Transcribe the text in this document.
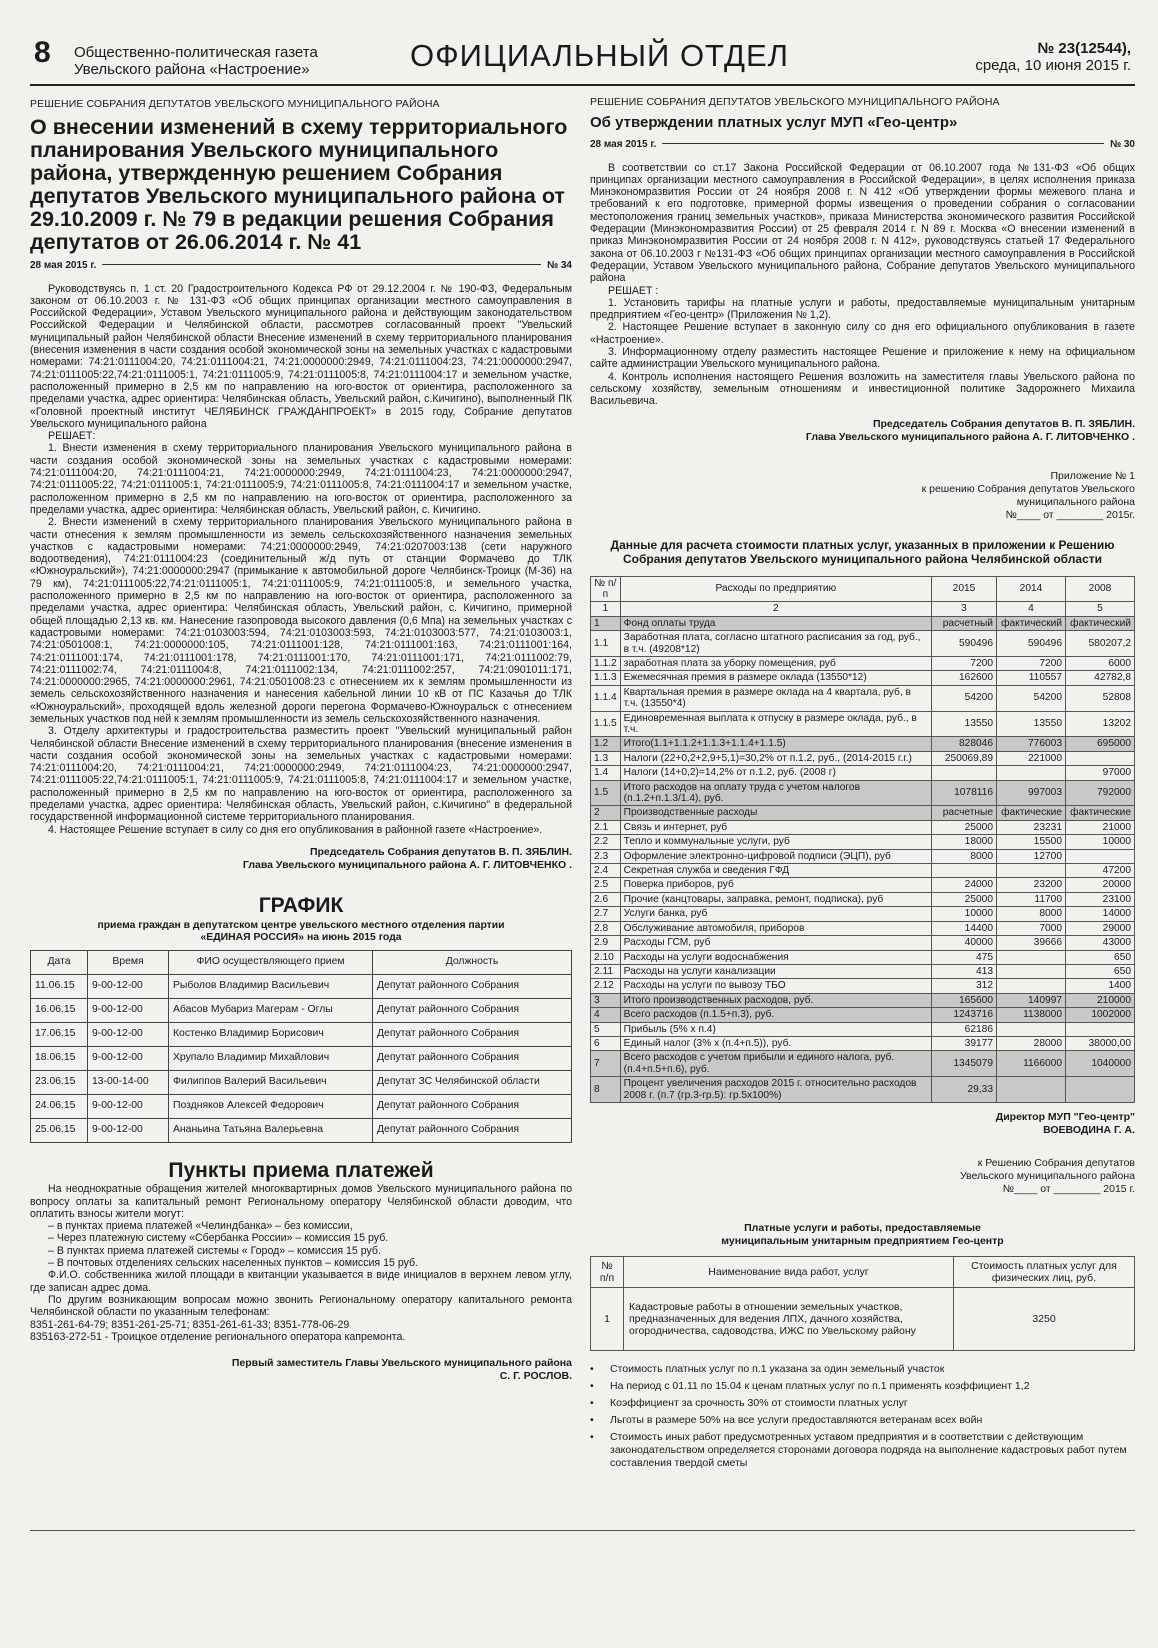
8 Общественно-политическая газета
Увельского района «Настроение»	ОФИЦИАЛЬНЫЙ ОТДЕЛ	№ 23(12544),
среда, 10 июня 2015 г.
РЕШЕНИЕ СОБРАНИЯ ДЕПУТАТОВ УВЕЛЬСКОГО МУНИЦИПАЛЬНОГО РАЙОНА
О внесении изменений в схему территориального планирования Увельского муниципального района, утвержденную решением Собрания депутатов Увельского муниципального района от 29.10.2009 г. № 79 в редакции решения Собрания депутатов от 26.06.2014 г. № 41
28 мая 2015 г.	№ 34

Руководствуясь п. 1 ст. 20 Градостроительного Кодекса РФ от 29.12.2004 г. № 190-ФЗ, Федеральным законом от 06.10.2003 г. № 131-ФЗ «Об общих принципах организации местного самоуправления в Российской Федерации», Уставом Увельского муниципального района и действующим законодательством Российской Федерации и Челябинской области, рассмотрев согласованный проект "Увельский муниципальный район Челябинской области Внесение изменений в схему территориального планирования (внесения изменения в части создания особой экономической зоны на земельных участках с кадастровыми номерами: 74:21:0111004:20, 74:21:0111004:21, 74:21:0000000:2949, 74:21:0111004:23, 74:21:0000000:2947, 74:21:0111005:22,74:21:0111005:1, 74:21:0111005:9, 74:21:0111005:8, 74:21:0111004:17 и земельном участке, расположенный примерно в 2,5 км по направлению на юго-восток от ориентира, расположенного за пределами участка, адрес ориентира: Челябинская область, Увельский район, с.Кичигино), выполненный ПК «Головной проектный институт ЧЕЛЯБИНСК ГРАЖДАНПРОЕКТ» в 2015 году, Собрание депутатов Увельского муниципального района

РЕШАЕТ:

1. Внести изменения в схему территориального планирования Увельского муниципального района в части создания особой экономической зоны на земельных участках с кадастровыми номерами: 74:21:0111004:20, 74:21:0111004:21, 74:21:0000000:2949, 74:21:0111004:23, 74:21:0000000:2947, 74:21:0111005:22, 74:21:0111005:1, 74:21:0111005:9, 74:21:0111005:8, 74:21:0111004:17 и земельном участке, расположенном примерно в 2,5 км по направлению на юго-восток от ориентира, расположенного за пределами участка, адрес ориентира: Челябинская область, Увельский район, с. Кичигино.

2. Внести изменений в схему территориального планирования Увельского муниципального района в части отнесения к землям промышленности из земель сельскохозяйственного назначения земельных участков с кадастровыми номерами: 74:21:0000000:2949, 74:21:0207003:138 (сети наружного водоотведения), 74:21:0111004:23 (соединительный ж/д путь от станции Формачево до ТЛК «Южноуральский»), 74:21:0000000:2947 (примыкание к автомобильной дороге Челябинск-Троицк (М-36) на 79 км), 74:21:0111005:22,74:21:0111005:1, 74:21:0111005:9, 74:21:0111005:8, и земельного участка, расположенного примерно в 2,5 км по направлению на юго-восток от ориентира, расположенного за пределами участка, адрес ориентира: Челябинская область, Увельский район, с. Кичигино, примерной общей площадью 2,13 кв. км. Нанесение газопровода высокого давления (0,6 Мпа) на земельных участках с кадастровыми номерами: 74:21:0103003:594, 74:21:0103003:593, 74:21:0103003:577, 74:21:0103003:1, 74:21:0501008:1, 74:21:0000000:105, 74:21:0111001:128, 74:21:0111001:163, 74:21:0111001:164, 74:21:0111001:174, 74:21:0111001:178, 74:21:0111001:170, 74:21:0111001:171, 74:21:0111002:79, 74:21:0111002:74, 74:21:0111004:8, 74:21:0111002:134, 74:21:0111002:257, 74:21:0901011:171, 74:21:0000000:2965, 74:21:0000000:2961, 74:21:0501008:23 с отнесением их к землям промышленности из земель сельскохозяйственного назначения и нанесения кабельной линии 10 кВ от ПС Казачья до ТЛК «Южноуральский», проходящей вдоль железной дороги перегона Формачево-Южноуральск с отнесением земельных участков под ней к землям промышленности из земель сельскохозяйственного назначения.

3. Отделу архитектуры и градостроительства разместить проект "Увельский муниципальный район Челябинской области Внесение изменений в схему территориального планирования (внесение изменения в части создания особой экономической зоны на земельных участках с кадастровыми номерами: 74:21:0111004:20, 74:21:0111004:21, 74:21:0000000:2949, 74:21:0111004:23, 74:21:0000000:2947, 74:21:0111005:22,74:21:0111005:1, 74:21:0111005:9, 74:21:0111005:8, 74:21:0111004:17 и земельном участке, расположенный примерно в 2,5 км по направлению на юго-восток от ориентира, расположенного за пределами участка, адрес ориентира: Челябинская область, Увельский район, с.Кичигино" в федеральной государственной информационной системе территориального планирования.

4. Настоящее Решение вступает в силу со дня его опубликования в районной газете «Настроение».

Председатель Собрания депутатов В. П. ЗЯБЛИН.
Глава Увельского муниципального района А. Г. ЛИТОВЧЕНКО .
ГРАФИК
приема граждан в депутатском центре увельского местного отделения партии
«ЕДИНАЯ РОССИЯ» на июнь 2015 года
Дата	Время	ФИО осуществляющего прием	Должность
11.06.15	9-00-12-00	Рыболов Владимир Васильевич	Депутат районного Собрания
16.06.15	9-00-12-00	Абасов Мубариз Магерам - Оглы	Депутат районного Собрания
17.06.15	9-00-12-00	Костенко Владимир Борисович	Депутат районного Собрания
18.06.15	9-00-12-00	Хрупало Владимир Михайлович	Депутат районного Собрания
23.06.15	13-00-14-00	Филиппов Валерий Васильевич	Депутат ЗС Челябинской области
24.06.15	9-00-12-00	Поздняков Алексей Федорович	Депутат районного Собрания
25.06.15	9-00-12-00	Ананьина Татьяна Валерьевна	Депутат районного Собрания
Пункты приема платежей

На неоднократные обращения жителей многоквартирных домов Увельского муниципального района по вопросу оплаты за капитальный ремонт Региональному оператору Челябинской области доводим, что оплатить взносы жители могут:

– в пунктах приема платежей «Челиндбанка» – без комиссии,
– Через платежную систему «Сбербанка России» – комиссия 15 руб.
– В пунктах приема платежей системы « Город» – комиссия 15 руб.
– В почтовых отделениях сельских населенных пунктов – комиссия 15 руб.

Ф.И.О. собственника жилой площади в квитанции указывается в виде инициалов в верхнем левом углу, где записан адрес дома.

По другим возникающим вопросам можно звонить Региональному оператору капитального ремонта Челябинской области по указанным телефонам:

8351-261-64-79; 8351-261-25-71; 8351-261-61-33; 8351-778-06-29
835163-272-51 - Троицкое отделение регионального оператора капремонта.
Первый заместитель Главы Увельского муниципального района
С. Г. РОСЛОВ.
РЕШЕНИЕ СОБРАНИЯ ДЕПУТАТОВ УВЕЛЬСКОГО МУНИЦИПАЛЬНОГО РАЙОНА
Об утверждении платных услуг МУП «Гео-центр»
28 мая 2015 г.	№ 30

В соответствии со ст.17 Закона Российской Федерации от 06.10.2007 года №131-ФЗ «Об общих принципах организации местного самоуправления в Российской Федерации», в целях исполнения приказа Минэкономразвития России от 24 ноября 2008 г. N 412 «Об утверждении формы межевого плана и требований к его подготовке, примерной формы извещения о проведении собрания о согласовании местоположения границ земельных участков», приказа Министерства экономического развития Российской Федерации (Минэкономразвития России) от 25 февраля 2014 г. N 89 г. Москва «О внесении изменений в приказ Минэкономразвития России от 24 ноября 2008 г. N 412», руководствуясь статьей 17 Федерального закона от 06.10.2003 г №131-ФЗ «Об общих принципах организации местного самоуправления в Российской Федерации, Уставом Увельского муниципального района, Собрание депутатов Увельского муниципального района

РЕШАЕТ :

1. Установить тарифы на платные услуги и работы, предоставляемые муниципальным унитарным предприятием «Гео-центр» (Приложения № 1,2).

2. Настоящее Решение вступает в законную силу со дня его официального опубликования в газете «Настроение».

3. Информационному отделу разместить настоящее Решение и приложение к нему на официальном сайте администрации Увельского муниципального района.

4. Контроль исполнения настоящего Решения возложить на заместителя главы Увельского района по сельскому хозяйству, земельным отношениям и инвестиционной политике Задорожнего Михаила Васильевича.

Председатель Собрания депутатов В. П. ЗЯБЛИН.
Глава Увельского муниципального района А. Г. ЛИТОВЧЕНКО .
Приложение № 1
к решению Собрания депутатов Увельского
муниципального района
№____ от ________ 2015г.
Данные для расчета стоимости платных услуг, указанных в приложении к Решению Собрания депутатов Увельского муниципального района Челябинской области
№ п/п	Расходы по предприятию	2015	2014	2008
1	2	3	4	5
1	Фонд оплаты труда	расчетный	фактический	фактический
1.1	Заработная плата, согласно штатного расписания за год, руб., в т.ч. (49208*12)	590496	590496	580207,2
1.1.2	заработная плата за уборку помещения, руб	7200	7200	6000
1.1.3	Ежемесячная премия в размере оклада (13550*12)	162600	110557	42782,8
1.1.4	Квартальная премия в размере оклада на 4 квартала, руб, в т.ч. (13550*4)	54200	54200	52808
1.1.5	Единовременная выплата к отпуску в размере оклада, руб., в т.ч.	13550	13550	13202
1.2	Итого(1.1+1.1.2+1.1.3+1.1.4+1.1.5)	828046	776003	695000
1.3	Налоги (22+0,2+2,9+5,1)=30,2% от п.1.2, руб., (2014-2015 г.г.)	250069,89	221000	
1.4	Налоги (14+0,2)=14,2% от п.1.2, руб. (2008 г)			97000
1.5	Итого расходов на оплату труда с учетом налогов (п.1.2+п.1.3/1.4), руб.	1078116	997003	792000
2	Производственные расходы	расчетные	фактические	фактические
2.1	Связь и интернет, руб	25000	23231	21000
2.2	Тепло и коммунальные услуги, руб	18000	15500	10000
2.3	Оформление электронно-цифровой подписи (ЭЦП), руб	8000	12700	
2.4	Секретная служба и сведения ГФД			47200
2.5	Поверка приборов, руб	24000	23200	20000
2.6	Прочие (канцтовары, заправка, ремонт, подписка), руб	25000	11700	23100
2.7	Услуги банка, руб	10000	8000	14000
2.8	Обслуживание автомобиля, приборов	14400	7000	29000
2.9	Расходы ГСМ, руб	40000	39666	43000
2.10	Расходы на услуги водоснабжения	475		650
2.11	Расходы на услуги канализации	413		650
2.12	Расходы на услуги по вывозу ТБО	312		1400
3	Итого производственных расходов, руб.	165600	140997	210000
4	Всего расходов (п.1.5+п.3), руб.	1243716	1138000	1002000
5	Прибыль (5% х п.4)	62186		
6	Единый налог (3% х (п.4+п.5)), руб.	39177	28000	38000,00
7	Всего расходов с учетом прибыли и единого налога, руб. (п.4+п.5+п.6), руб.	1345079	1166000	1040000
8	Процент увеличения расходов 2015 г. относительно расходов 2008 г. (п.7 (гр.3-гр.5): гр.5х100%)	29,33		
Директор МУП "Гео-центр"
ВОЕВОДИНА Г. А.
к Решению Собрания депутатов
Увельского муниципального района
№____ от ________ 2015 г.
Платные услуги и работы, предоставляемые
муниципальным унитарным предприятием Гео-центр
№ п/п	Наименование вида работ, услуг	Стоимость платных услуг для физических лиц, руб.
1	Кадастровые работы в отношении земельных участков, предназначенных для ведения ЛПХ, дачного хозяйства, огородничества, садоводства, ИЖС по Увельскому району	3250
•	Стоимость платных услуг по п.1 указана за один земельный участок
•	На период с 01.11 по 15.04 к ценам платных услуг по п.1 применять коэффициент 1,2
•	Коэффициент за срочность 30% от стоимости платных услуг
•	Льготы в размере 50% на все услуги предоставляются ветеранам всех войн
•	Стоимость иных работ предусмотренных уставом предприятия и в соответствии с действующим законодательством определяется сторонами договора подряда на выполнение кадастровых работ путем составления твердой сметы
